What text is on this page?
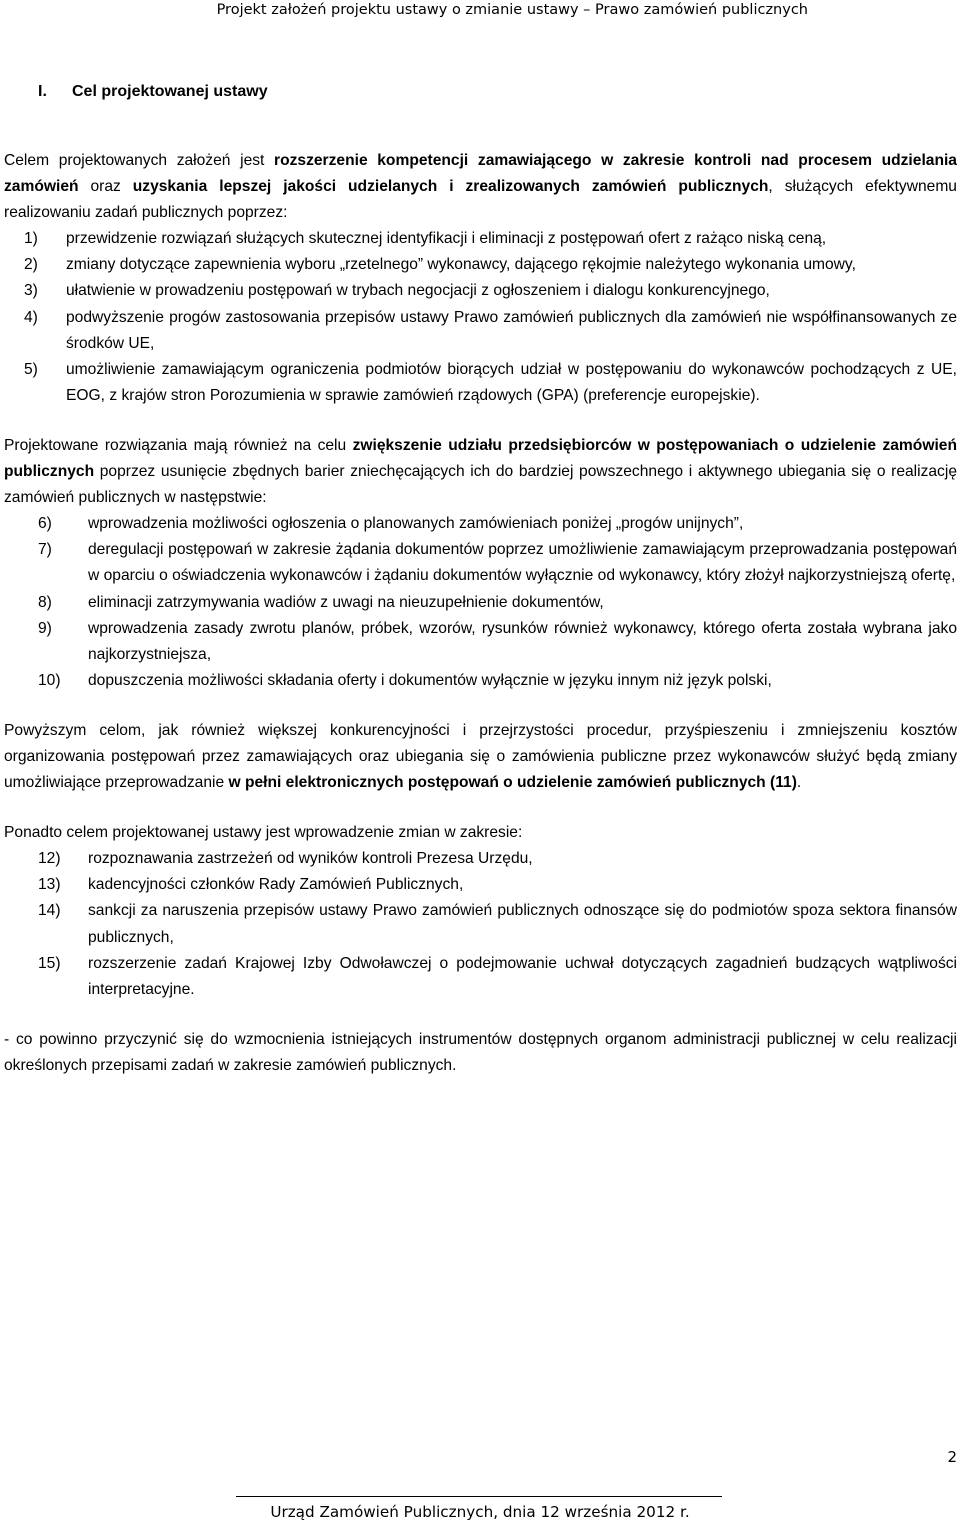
Projekt założeń projektu ustawy o zmianie ustawy – Prawo zamówień publicznych
I. Cel projektowanej ustawy

Celem projektowanych założeń jest rozszerzenie kompetencji zamawiającego w zakresie kontroli nad procesem udzielania zamówień oraz uzyskania lepszej jakości udzielanych i zrealizowanych zamówień publicznych, służących efektywnemu realizowaniu zadań publicznych poprzez:

1)	przewidzenie rozwiązań służących skutecznej identyfikacji i eliminacji z postępowań ofert z rażąco niską ceną,
2)	zmiany dotyczące zapewnienia wyboru „rzetelnego” wykonawcy, dającego rękojmie należytego wykonania umowy,
3)	ułatwienie w prowadzeniu postępowań w trybach negocjacji z ogłoszeniem i dialogu konkurencyjnego,
4)	podwyższenie progów zastosowania przepisów ustawy Prawo zamówień publicznych dla zamówień nie współfinansowanych ze środków UE,
5)	umożliwienie zamawiającym ograniczenia podmiotów biorących udział w postępowaniu do wykonawców pochodzących z UE, EOG, z krajów stron Porozumienia w sprawie zamówień rządowych (GPA) (preferencje europejskie).

Projektowane rozwiązania mają również na celu zwiększenie udziału przedsiębiorców w postępowaniach o udzielenie zamówień publicznych poprzez usunięcie zbędnych barier zniechęcających ich do bardziej powszechnego i aktywnego ubiegania się o realizację zamówień publicznych w następstwie:

6)	wprowadzenia możliwości ogłoszenia o planowanych zamówieniach poniżej „progów unijnych”,
7)	deregulacji postępowań w zakresie żądania dokumentów poprzez umożliwienie zamawiającym przeprowadzania postępowań w oparciu o oświadczenia wykonawców i żądaniu dokumentów wyłącznie od wykonawcy, który złożył najkorzystniejszą ofertę,
8)	eliminacji zatrzymywania wadiów z uwagi na nieuzupełnienie dokumentów,
9)	wprowadzenia zasady zwrotu planów, próbek, wzorów, rysunków również wykonawcy, którego oferta została wybrana jako najkorzystniejsza,
10)	dopuszczenia możliwości składania oferty i dokumentów wyłącznie w języku innym niż język polski,

Powyższym celom, jak również większej konkurencyjności i przejrzystości procedur, przyśpieszeniu i zmniejszeniu kosztów organizowania postępowań przez zamawiających oraz ubiegania się o zamówienia publiczne przez wykonawców służyć będą zmiany umożliwiające przeprowadzanie w pełni elektronicznych postępowań o udzielenie zamówień publicznych (11).

Ponadto celem projektowanej ustawy jest wprowadzenie zmian w zakresie:

12)	rozpoznawania zastrzeżeń od wyników kontroli Prezesa Urzędu,
13)	kadencyjności członków Rady Zamówień Publicznych,
14)	sankcji za naruszenia przepisów ustawy Prawo zamówień publicznych odnoszące się do podmiotów spoza sektora finansów publicznych,
15)	rozszerzenie zadań Krajowej Izby Odwoławczej o podejmowanie uchwał dotyczących zagadnień budzących wątpliwości interpretacyjne.

- co powinno przyczynić się do wzmocnienia istniejących instrumentów dostępnych organom administracji publicznej w celu realizacji określonych przepisami zadań w zakresie zamówień publicznych.

2
Urząd Zamówień Publicznych, dnia 12 września 2012 r.
